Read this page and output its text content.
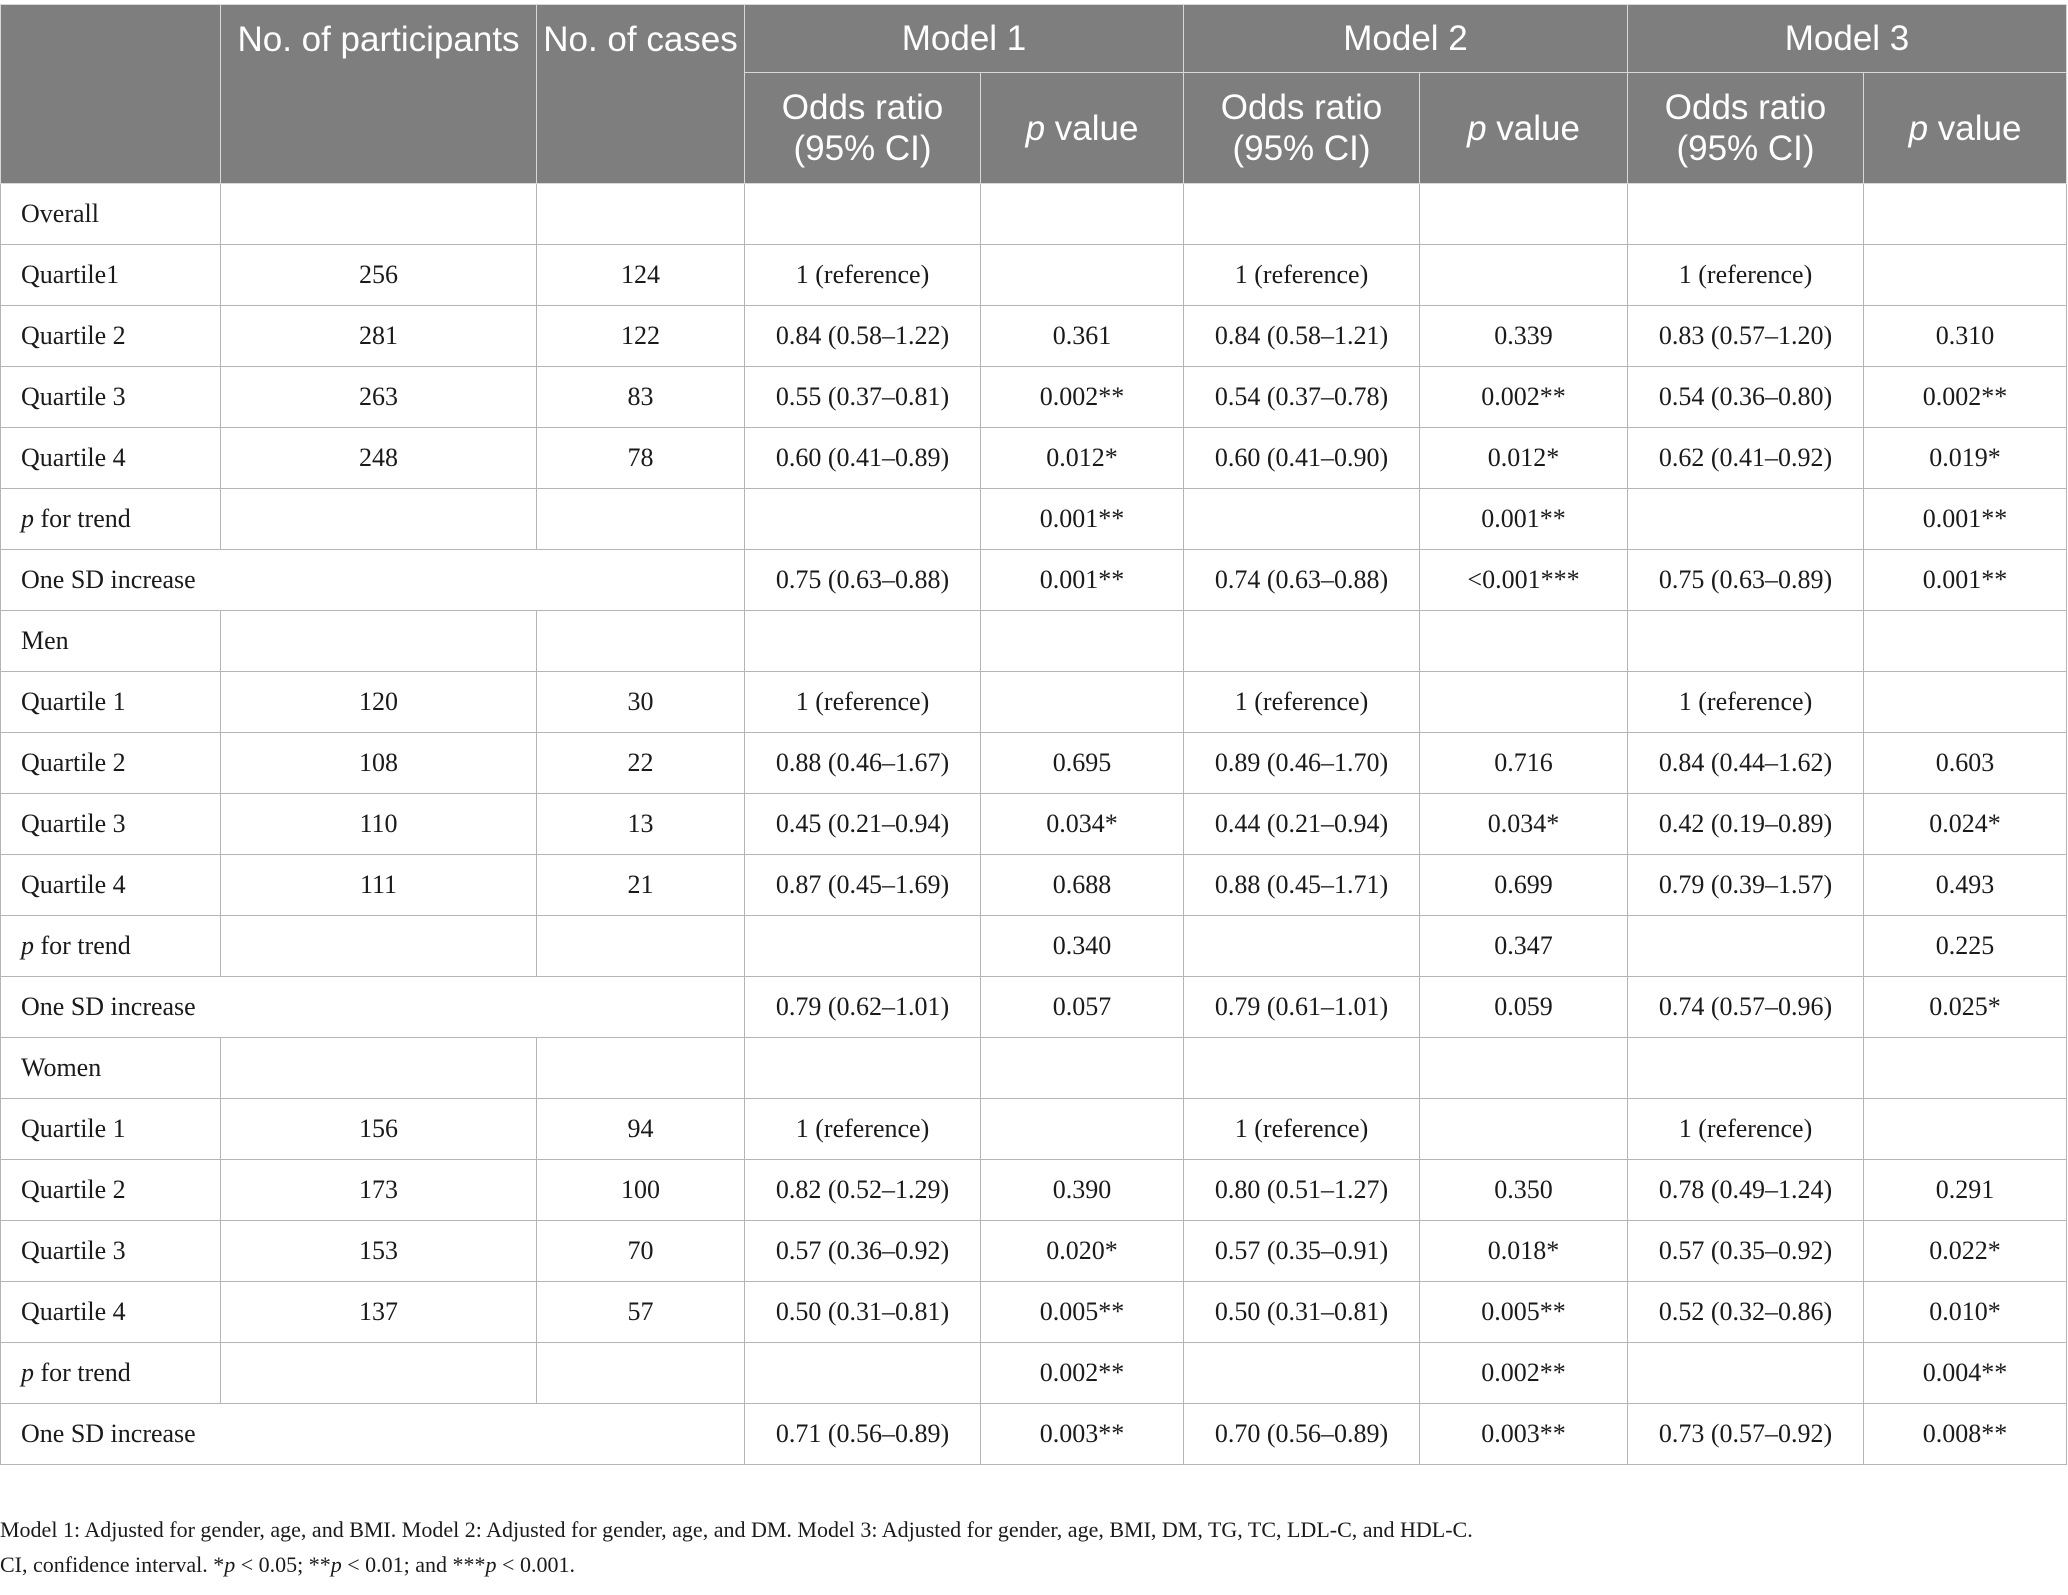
	No. of participants	No. of cases	Model 1		Model 2		Model 3	
			Odds ratio (95% CI)	p value	Odds ratio (95% CI)	p value	Odds ratio (95% CI)	p value
Overall								
Quartile1	256	124	1 (reference)		1 (reference)		1 (reference)	
Quartile 2	281	122	0.84 (0.58–1.22)	0.361	0.84 (0.58–1.21)	0.339	0.83 (0.57–1.20)	0.310
Quartile 3	263	83	0.55 (0.37–0.81)	0.002**	0.54 (0.37–0.78)	0.002**	0.54 (0.36–0.80)	0.002**
Quartile 4	248	78	0.60 (0.41–0.89)	0.012*	0.60 (0.41–0.90)	0.012*	0.62 (0.41–0.92)	0.019*
p for trend				0.001**		0.001**		0.001**
One SD increase			0.75 (0.63–0.88)	0.001**	0.74 (0.63–0.88)	<0.001***	0.75 (0.63–0.89)	0.001**
Men								
Quartile 1	120	30	1 (reference)		1 (reference)		1 (reference)	
Quartile 2	108	22	0.88 (0.46–1.67)	0.695	0.89 (0.46–1.70)	0.716	0.84 (0.44–1.62)	0.603
Quartile 3	110	13	0.45 (0.21–0.94)	0.034*	0.44 (0.21–0.94)	0.034*	0.42 (0.19–0.89)	0.024*
Quartile 4	111	21	0.87 (0.45–1.69)	0.688	0.88 (0.45–1.71)	0.699	0.79 (0.39–1.57)	0.493
p for trend				0.340		0.347		0.225
One SD increase			0.79 (0.62–1.01)	0.057	0.79 (0.61–1.01)	0.059	0.74 (0.57–0.96)	0.025*
Women								
Quartile 1	156	94	1 (reference)		1 (reference)		1 (reference)	
Quartile 2	173	100	0.82 (0.52–1.29)	0.390	0.80 (0.51–1.27)	0.350	0.78 (0.49–1.24)	0.291
Quartile 3	153	70	0.57 (0.36–0.92)	0.020*	0.57 (0.35–0.91)	0.018*	0.57 (0.35–0.92)	0.022*
Quartile 4	137	57	0.50 (0.31–0.81)	0.005**	0.50 (0.31–0.81)	0.005**	0.52 (0.32–0.86)	0.010*
p for trend				0.002**		0.002**		0.004**
One SD increase			0.71 (0.56–0.89)	0.003**	0.70 (0.56–0.89)	0.003**	0.73 (0.57–0.92)	0.008**

Model 1: Adjusted for gender, age, and BMI. Model 2: Adjusted for gender, age, and DM. Model 3: Adjusted for gender, age, BMI, DM, TG, TC, LDL-C, and HDL-C.

CI, confidence interval. *p < 0.05; **p < 0.01; and ***p < 0.001.
